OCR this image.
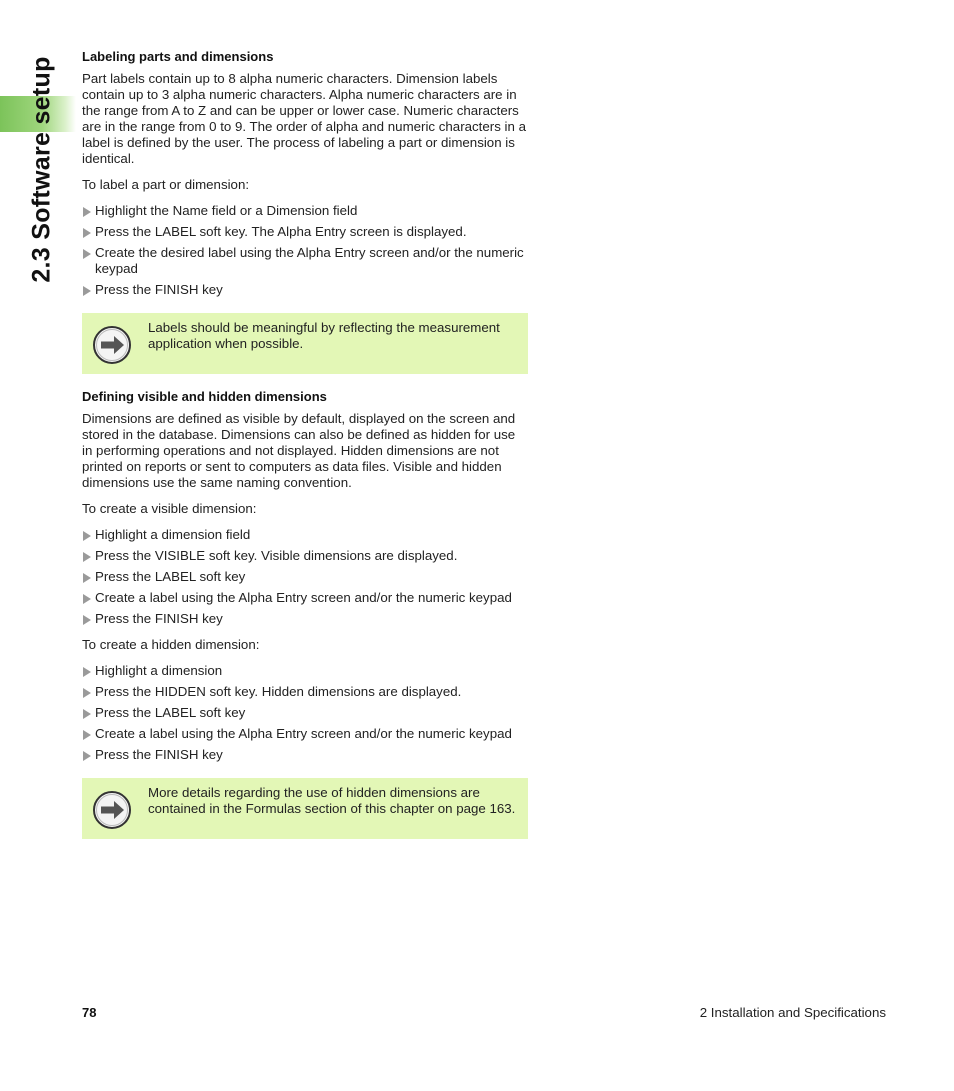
2.3 Software setup Labeling parts and dimensions

Part labels contain up to 8 alpha numeric characters. Dimension labels contain up to 3 alpha numeric characters. Alpha numeric characters are in the range from A to Z and can be upper or lower case. Numeric characters are in the range from 0 to 9. The order of alpha and numeric characters in a label is defined by the user. The process of labeling a part or dimension is identical.

To label a part or dimension:

Highlight the Name field or a Dimension field
Press the LABEL soft key. The Alpha Entry screen is displayed.
Create the desired label using the Alpha Entry screen and/or the numeric keypad
Press the FINISH key
Labels should be meaningful by reflecting the measurement application when possible.
Defining visible and hidden dimensions

Dimensions are defined as visible by default, displayed on the screen and stored in the database. Dimensions can also be defined as hidden for use in performing operations and not displayed. Hidden dimensions are not printed on reports or sent to computers as data files. Visible and hidden dimensions use the same naming convention.

To create a visible dimension:

Highlight a dimension field
Press the VISIBLE soft key. Visible dimensions are displayed.
Press the LABEL soft key
Create a label using the Alpha Entry screen and/or the numeric keypad
Press the FINISH key

To create a hidden dimension:

Highlight a dimension
Press the HIDDEN soft key. Hidden dimensions are displayed.
Press the LABEL soft key
Create a label using the Alpha Entry screen and/or the numeric keypad
Press the FINISH key
More details regarding the use of hidden dimensions are contained in the Formulas section of this chapter on page 163.
78	2 Installation and Specifications
